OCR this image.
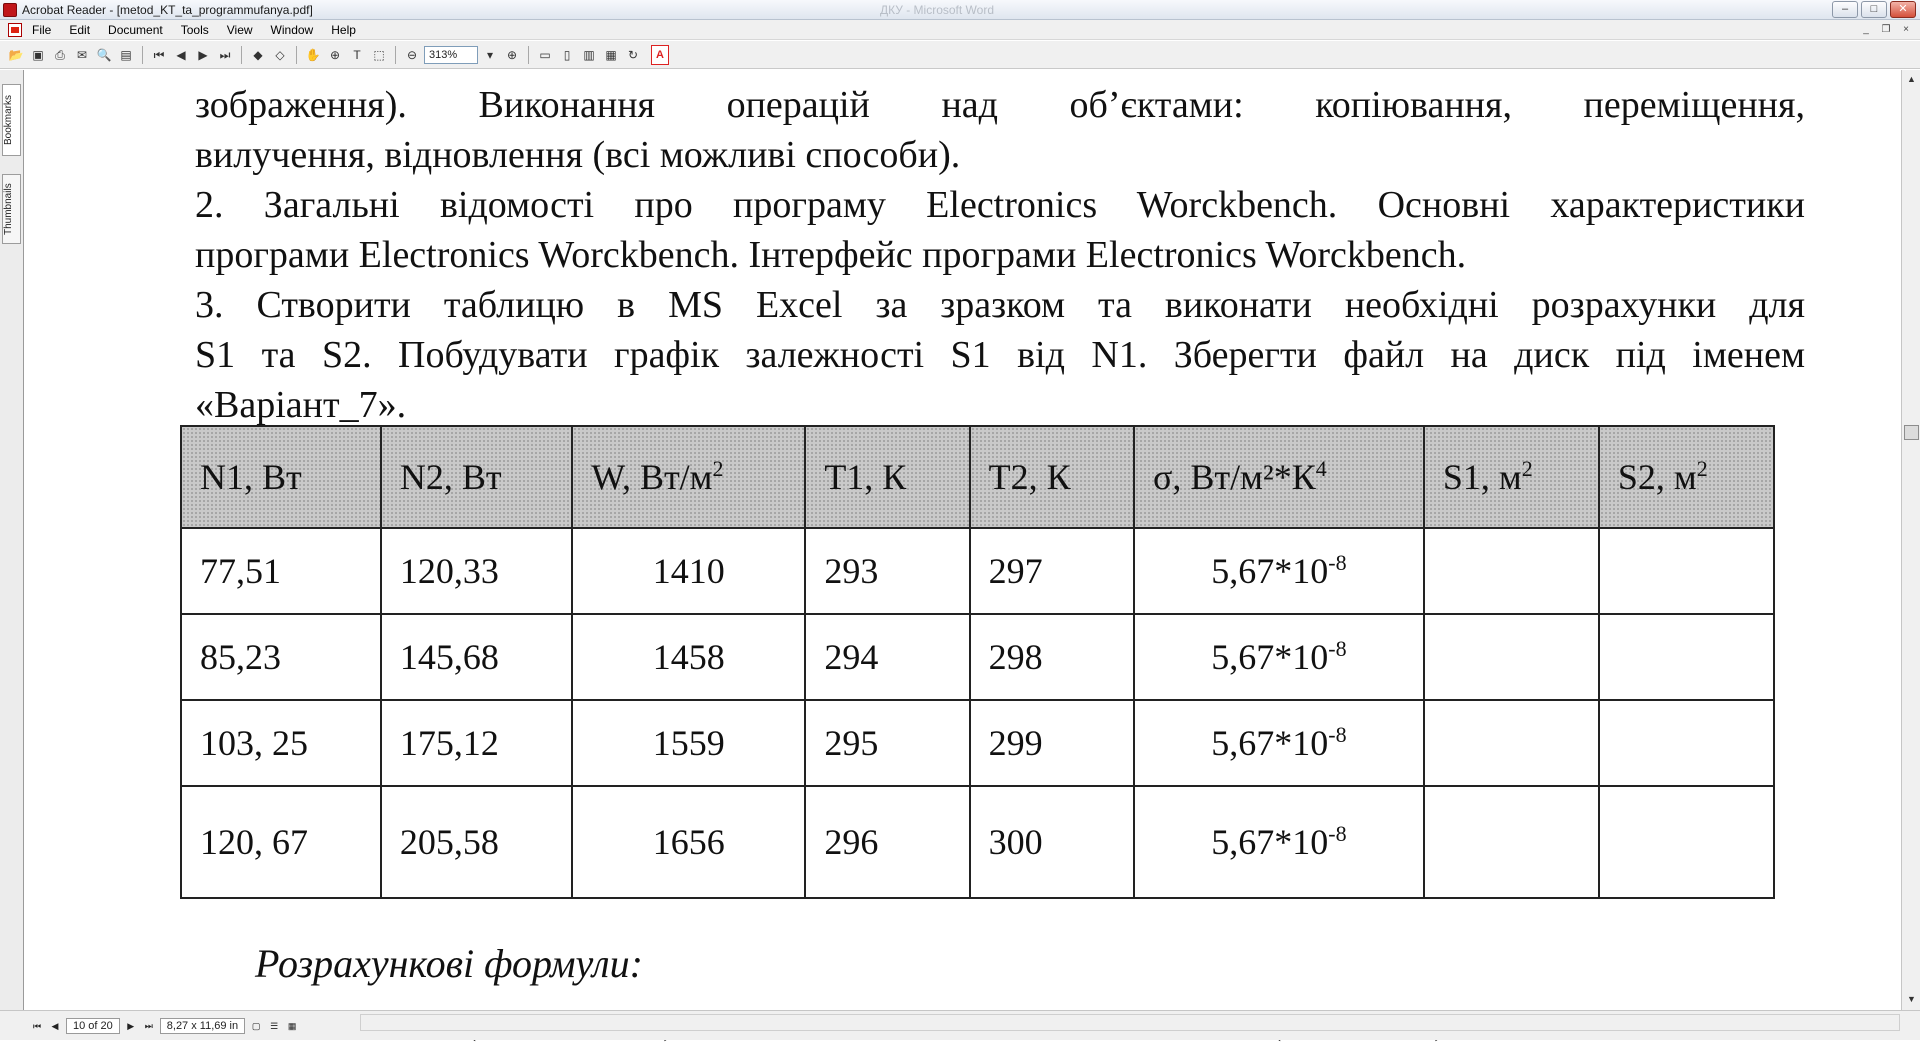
Acrobat Reader - [metod_KT_ta_programmufanya.pdf]	ДКУ - Microsoft Word	–	□	✕
File Edit Document Tools View Window Help	_	❐	×
📂 ▣ ⎙	✉ 🔍 ▤	⏮ ◀	▶ ⏭	◆	◇	✋ ⊕	T	⬚	⊖	313%	▾	⊕	▭	▯	▥ ▦ ↻	A
Bookmarks
Thumbnails
зображення). Виконання операцій над об’єктами: копіювання, переміщення,
вилучення, відновлення (всі можливі способи).
2. Загальні відомості про програму Electronics Worckbench. Основні характеристики
програми Electronics Worckbench. Інтерфейс програми Electronics Worckbench.
3. Створити таблицю в MS Excel за зразком та виконати необхідні розрахунки для
S1 та S2. Побудувати графік залежності S1 від N1. Зберегти файл на диск під іменем
«Варіант_7».
N1, Вт	N2, Вт	W, $Вт/м^2$	T1, К	T2, К	σ, $Вт/м^2*К^4$	S1, $м^2$	S2, $м^2$
77,51	120,33	1410	293	297	$5,67*10^{-8}$		
85,23	145,68	1458	294	298	$5,67*10^{-8}$		
103, 25	175,12	1559	295	299	$5,67*10^{-8}$		
120, 67	205,58	1656	296	300	$5,67*10^{-8}$		
Розрахункові формули:
▲
▼
⏮	◀	10 of 20	▶	⏭	8,27 x 11,69 in	▢	☰	▦
